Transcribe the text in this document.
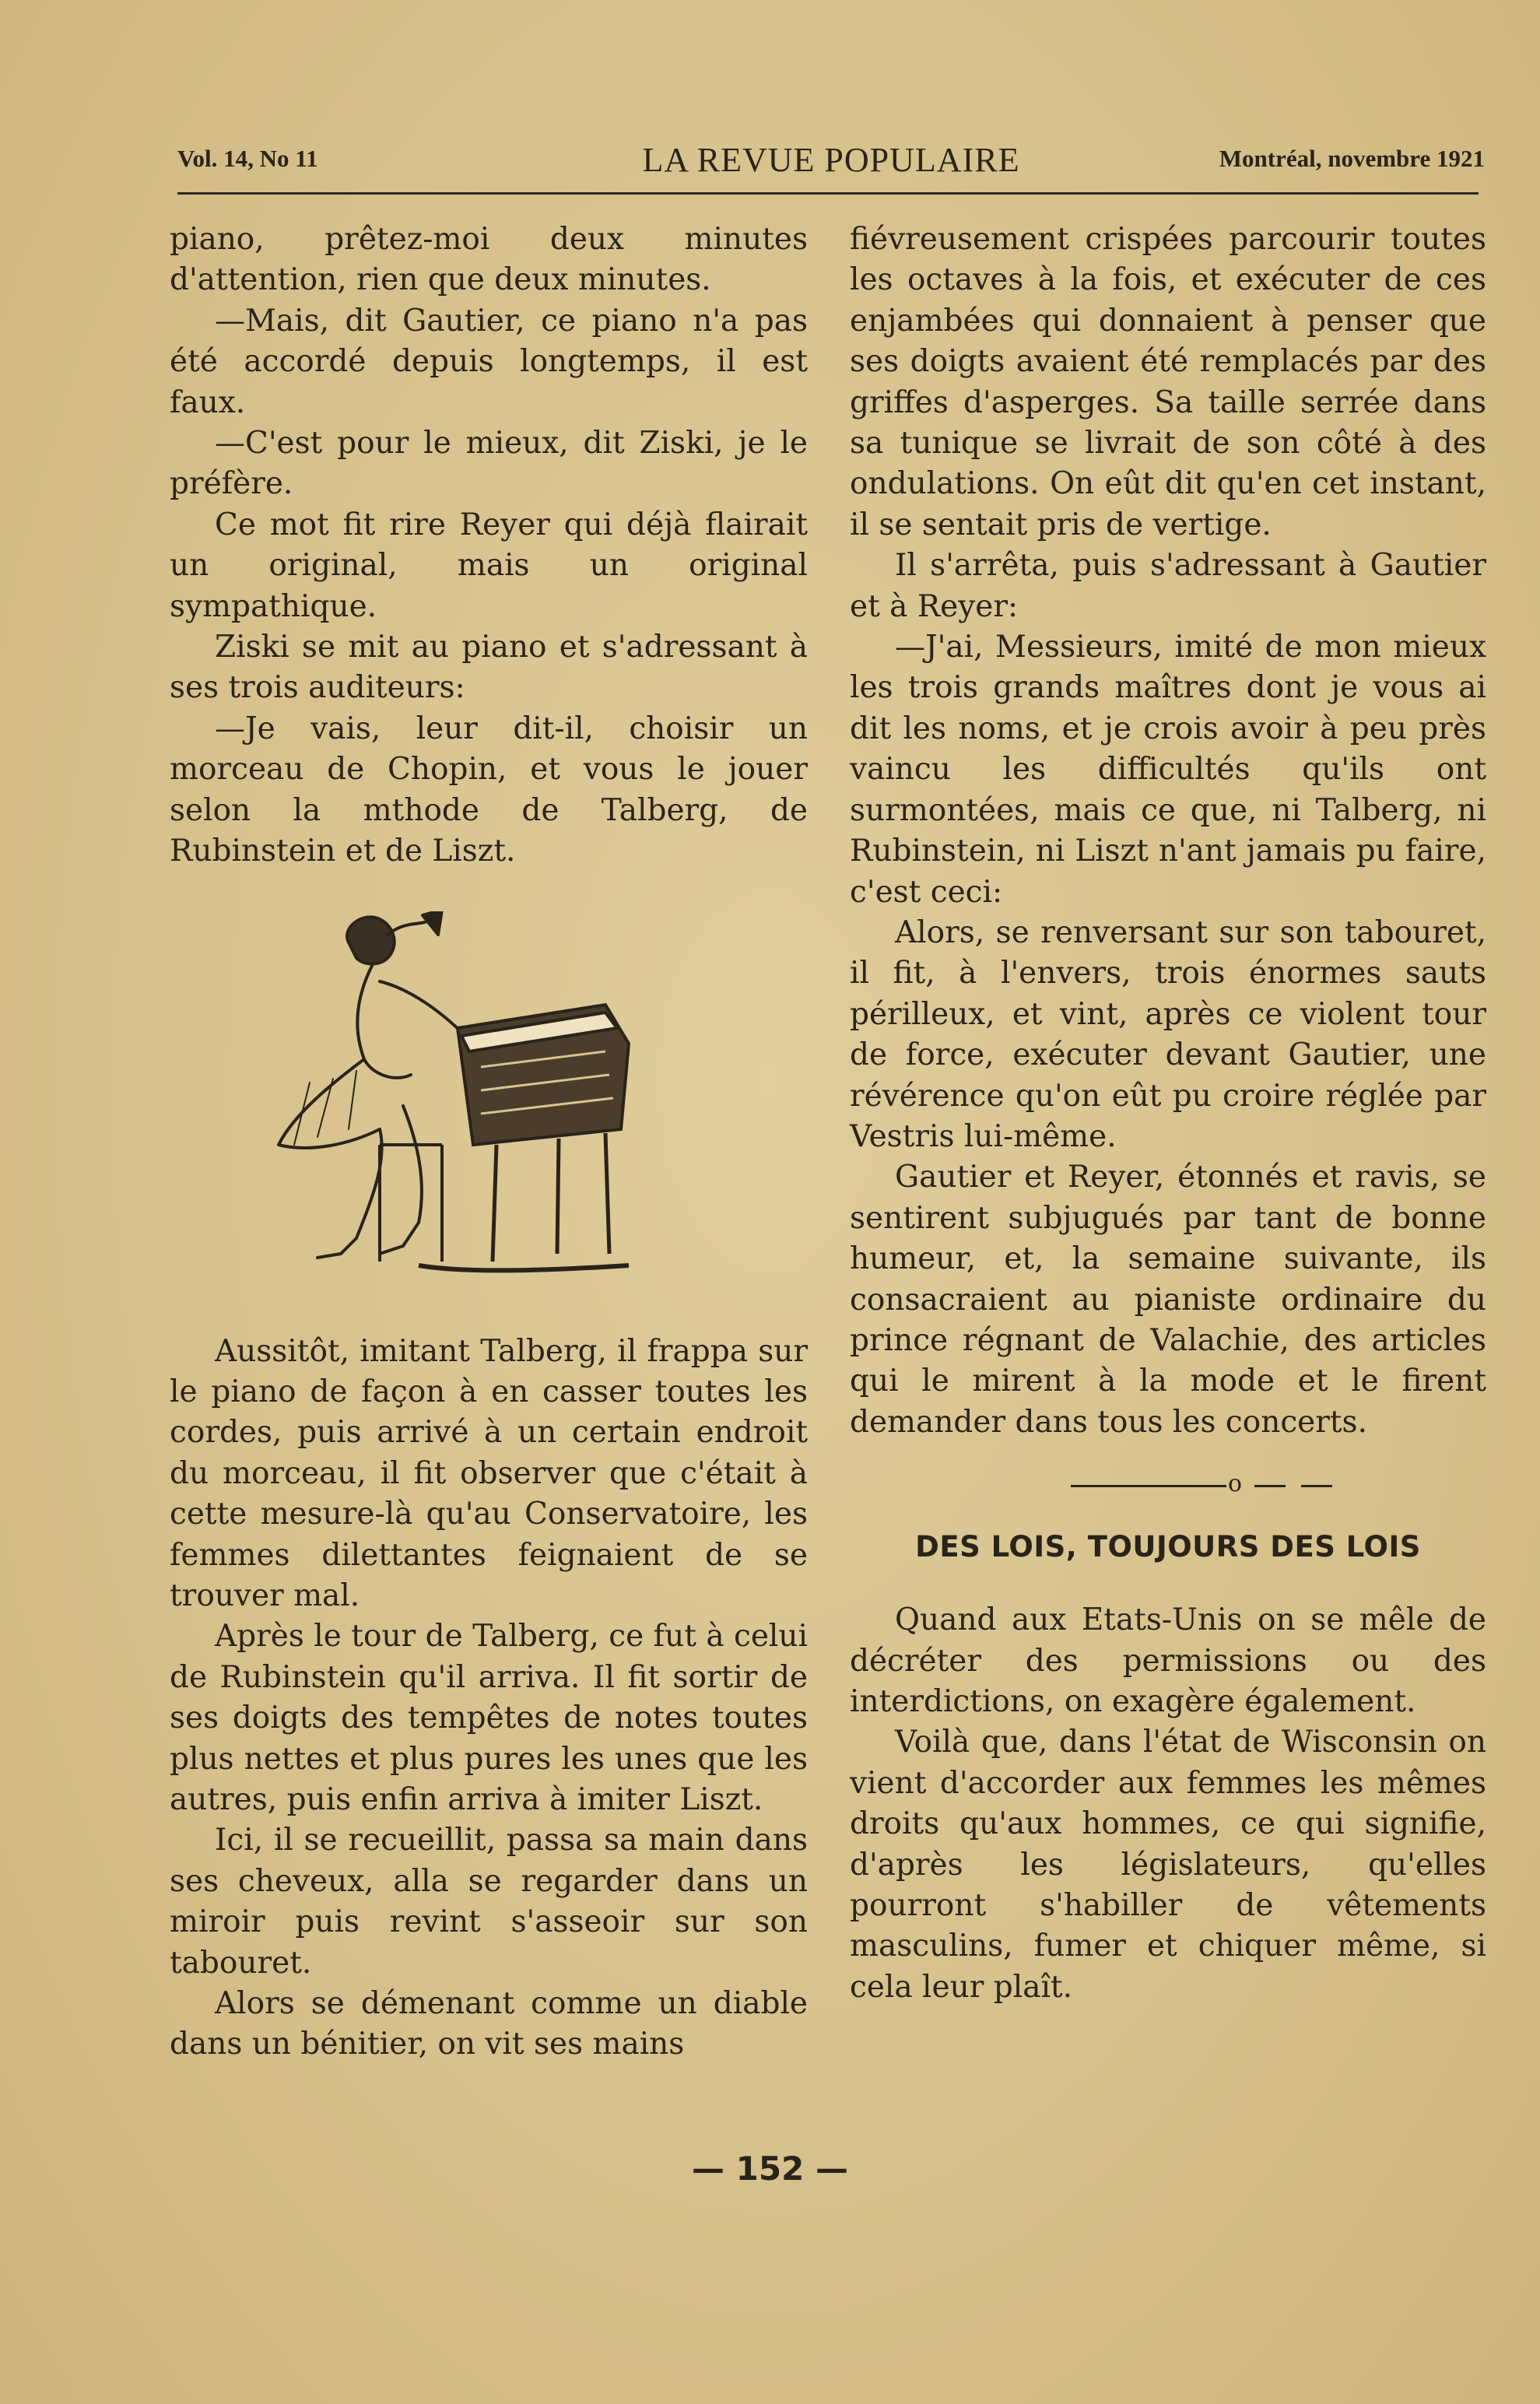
Vol. 14, No 11	LA REVUE POPULAIRE	Montréal, novembre 1921

piano, prêtez-moi deux minutes d'attention, rien que deux minutes.

—Mais, dit Gautier, ce piano n'a pas été accordé depuis longtemps, il est faux.

—C'est pour le mieux, dit Ziski, je le préfère.

Ce mot fit rire Reyer qui déjà flairait un original, mais un original sympathique.

Ziski se mit au piano et s'adressant à ses trois auditeurs:

—Je vais, leur dit-il, choisir un morceau de Chopin, et vous le jouer selon la mthode de Talberg, de Rubinstein et de Liszt.

Aussitôt, imitant Talberg, il frappa sur le piano de façon à en casser toutes les cordes, puis arrivé à un certain endroit du morceau, il fit observer que c'était à cette mesure-là qu'au Conservatoire, les femmes dilettantes feignaient de se trouver mal.

Après le tour de Talberg, ce fut à celui de Rubinstein qu'il arriva. Il fit sortir de ses doigts des tempêtes de notes toutes plus nettes et plus pures les unes que les autres, puis enfin arriva à imiter Liszt.

Ici, il se recueillit, passa sa main dans ses cheveux, alla se regarder dans un miroir puis revint s'asseoir sur son tabouret.

Alors se démenant comme un diable dans un bénitier, on vit ses mains

fiévreusement crispées parcourir toutes les octaves à la fois, et exécuter de ces enjambées qui donnaient à penser que ses doigts avaient été remplacés par des griffes d'asperges. Sa taille serrée dans sa tunique se livrait de son côté à des ondulations. On eût dit qu'en cet instant, il se sentait pris de vertige.

Il s'arrêta, puis s'adressant à Gautier et à Reyer:

—J'ai, Messieurs, imité de mon mieux les trois grands maîtres dont je vous ai dit les noms, et je crois avoir à peu près vaincu les difficultés qu'ils ont surmontées, mais ce que, ni Talberg, ni Rubinstein, ni Liszt n'ant jamais pu faire, c'est ceci:

Alors, se renversant sur son tabouret, il fit, à l'envers, trois énormes sauts périlleux, et vint, après ce violent tour de force, exécuter devant Gautier, une révérence qu'on eût pu croire réglée par Vestris lui-même.

Gautier et Reyer, étonnés et ravis, se sentirent subjugués par tant de bonne humeur, et, la semaine suivante, ils consacraient au pianiste ordinaire du prince régnant de Valachie, des articles qui le mirent à la mode et le firent demander dans tous les concerts.

o
DES LOIS, TOUJOURS DES LOIS

Quand aux Etats-Unis on se mêle de décréter des permissions ou des interdictions, on exagère également.

Voilà que, dans l'état de Wisconsin on vient d'accorder aux femmes les mêmes droits qu'aux hommes, ce qui signifie, d'après les législateurs, qu'elles pourront s'habiller de vêtements masculins, fumer et chiquer même, si cela leur plaît.

— 152 —
